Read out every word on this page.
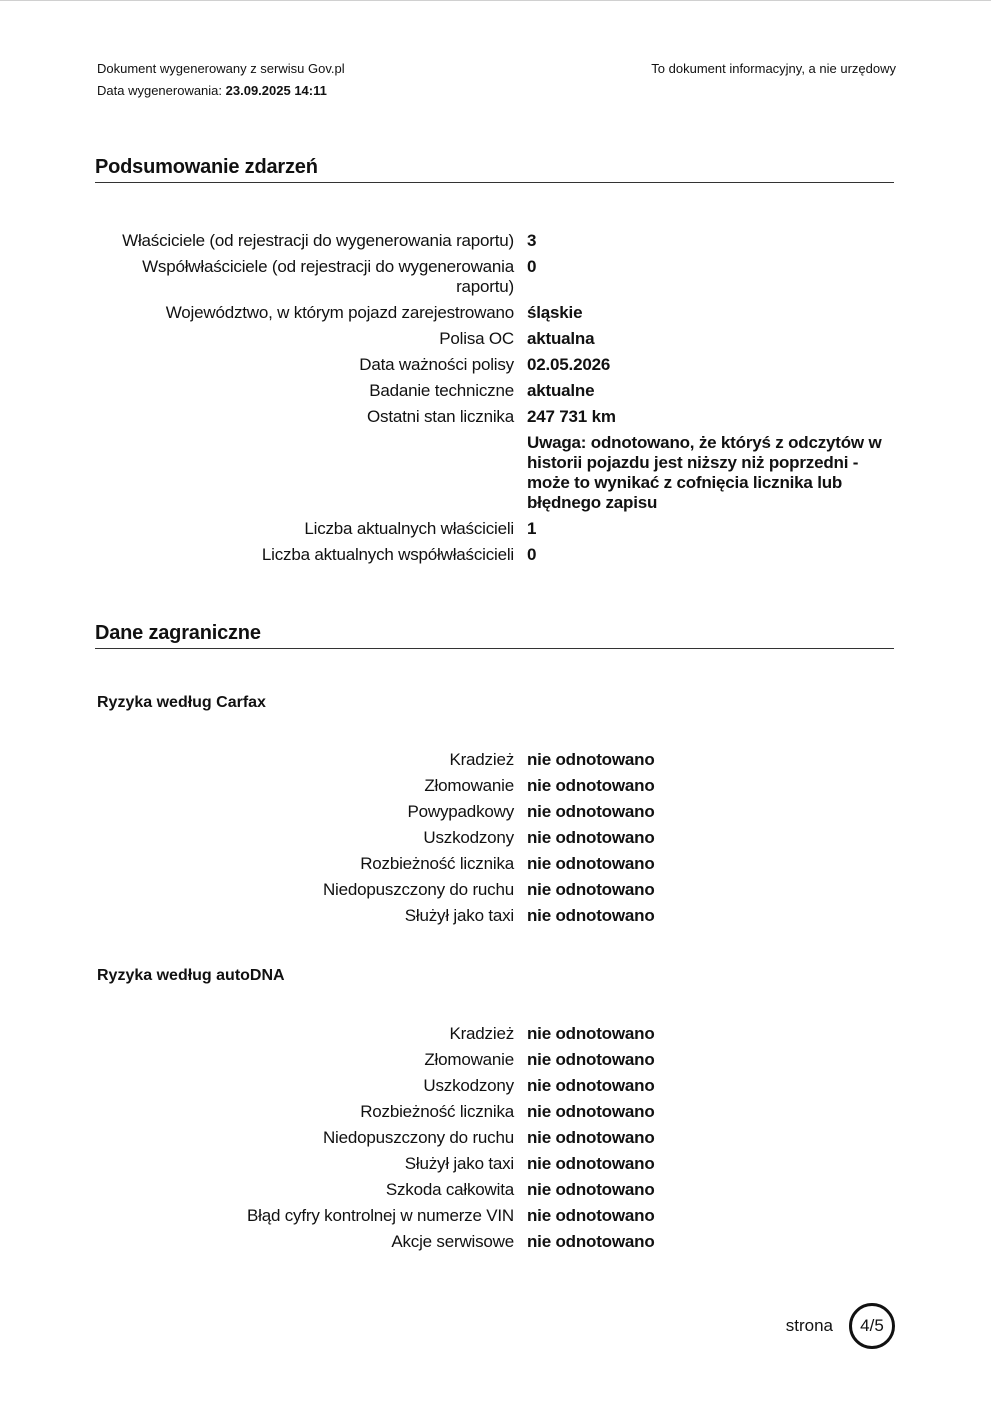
Dokument wygenerowany z serwisu Gov.pl
Data wygenerowania: 23.09.2025 14:11
To dokument informacyjny, a nie urzędowy
Podsumowanie zdarzeń
Właściciele (od rejestracji do wygenerowania raportu) 3
Współwłaściciele (od rejestracji do wygenerowania raportu)
0
Województwo, w którym pojazd zarejestrowano śląskie
Polisa OC aktualna
Data ważności polisy 02.05.2026
Badanie techniczne aktualne
Ostatni stan licznika 247 731 km
Uwaga: odnotowano, że któryś z odczytów w historii pojazdu jest niższy niż poprzedni - może to wynikać z cofnięcia licznika lub błędnego zapisu
Liczba aktualnych właścicieli 1
Liczba aktualnych współwłaścicieli 0
Dane zagraniczne
Ryzyka według Carfax
Kradzież nie odnotowano
Złomowanie nie odnotowano
Powypadkowy nie odnotowano
Uszkodzony nie odnotowano
Rozbieżność licznika nie odnotowano
Niedopuszczony do ruchu nie odnotowano
Służył jako taxi nie odnotowano
Ryzyka według autoDNA
Kradzież nie odnotowano
Złomowanie nie odnotowano
Uszkodzony nie odnotowano
Rozbieżność licznika nie odnotowano
Niedopuszczony do ruchu nie odnotowano
Służył jako taxi nie odnotowano
Szkoda całkowita nie odnotowano
Błąd cyfry kontrolnej w numerze VIN nie odnotowano
Akcje serwisowe nie odnotowano
strona 4/5
